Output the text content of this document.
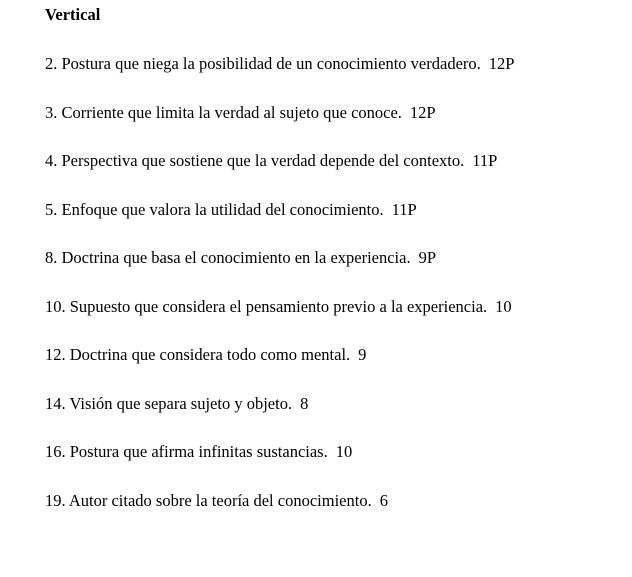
Vertical
2. Postura que niega la posibilidad de un conocimiento verdadero. 12P
3. Corriente que limita la verdad al sujeto que conoce. 12P
4. Perspectiva que sostiene que la verdad depende del contexto. 11P
5. Enfoque que valora la utilidad del conocimiento. 11P
8. Doctrina que basa el conocimiento en la experiencia. 9P
10. Supuesto que considera el pensamiento previo a la experiencia. 10
12. Doctrina que considera todo como mental. 9
14. Visión que separa sujeto y objeto. 8
16. Postura que afirma infinitas sustancias. 10
19. Autor citado sobre la teoría del conocimiento. 6
